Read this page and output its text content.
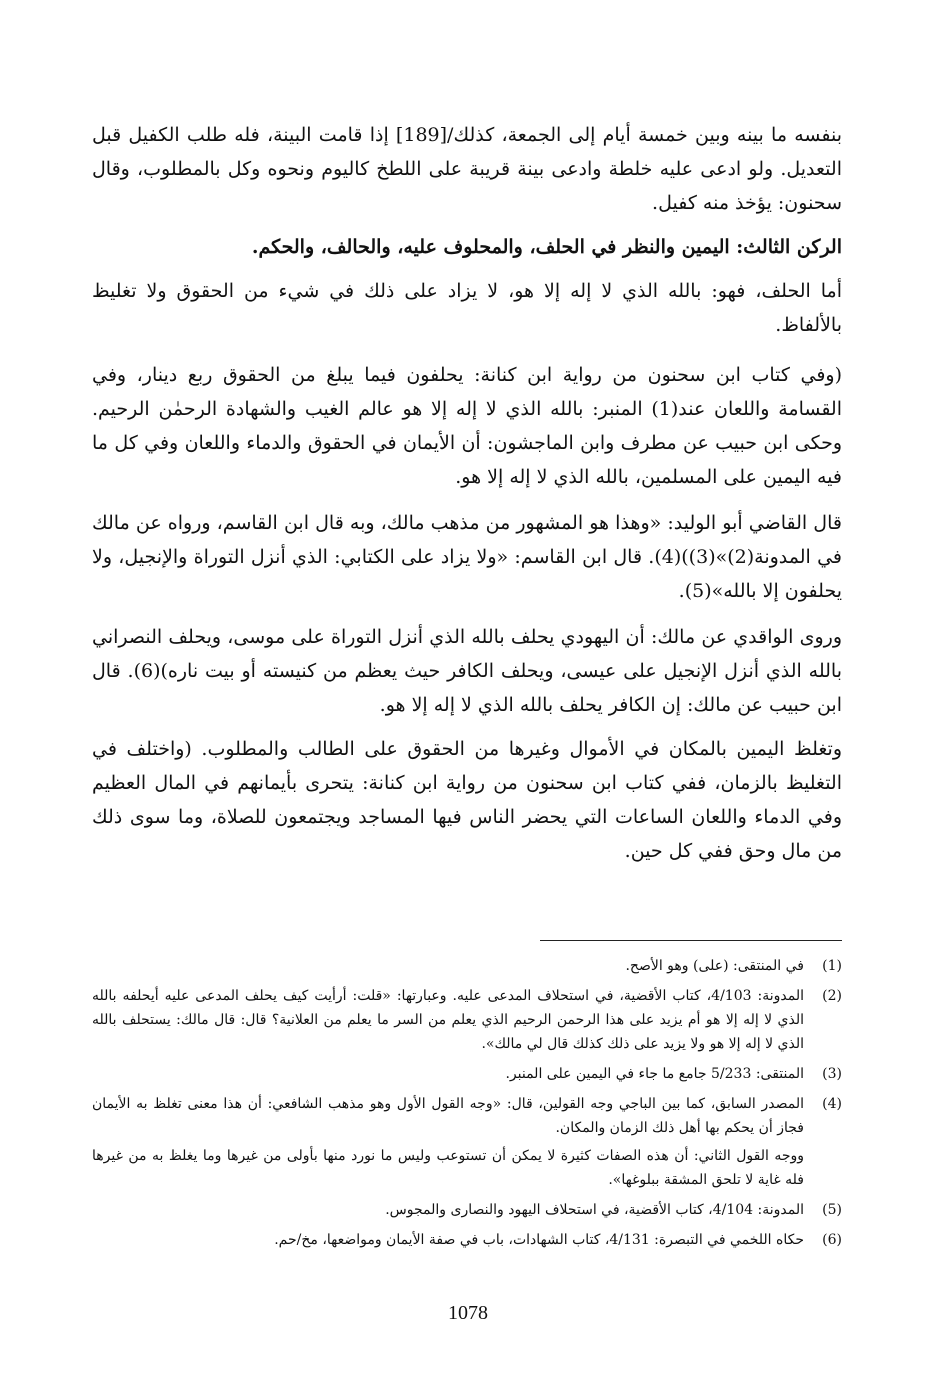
بنفسه ما بينه وبين خمسة أيام إلى الجمعة، كذلك/[189] إذا قامت البينة، فله طلب الكفيل قبل التعديل. ولو ادعى عليه خلطة وادعى بينة قريبة على اللطخ كاليوم ونحوه وكل بالمطلوب، وقال سحنون: يؤخذ منه كفيل.

الركن الثالث: اليمين والنظر في الحلف، والمحلوف عليه، والحالف، والحكم.

أما الحلف، فهو: بالله الذي لا إله إلا هو، لا يزاد على ذلك في شيء من الحقوق ولا تغليظ بالألفاظ.

(وفي كتاب ابن سحنون من رواية ابن كنانة: يحلفون فيما يبلغ من الحقوق ربع دينار، وفي القسامة واللعان عند(1) المنبر: بالله الذي لا إله إلا هو عالم الغيب والشهادة الرحمٰن الرحيم. وحكى ابن حبيب عن مطرف وابن الماجشون: أن الأيمان في الحقوق والدماء واللعان وفي كل ما فيه اليمين على المسلمين، بالله الذي لا إله إلا هو.

قال القاضي أبو الوليد: «وهذا هو المشهور من مذهب مالك، وبه قال ابن القاسم، ورواه عن مالك في المدونة(2)»(3))(4). قال ابن القاسم: «ولا يزاد على الكتابي: الذي أنزل التوراة والإنجيل، ولا يحلفون إلا بالله»(5).

وروى الواقدي عن مالك: أن اليهودي يحلف بالله الذي أنزل التوراة على موسى، ويحلف النصراني بالله الذي أنزل الإنجيل على عيسى، ويحلف الكافر حيث يعظم من كنيسته أو بيت ناره)(6). قال ابن حبيب عن مالك: إن الكافر يحلف بالله الذي لا إله إلا هو.

وتغلظ اليمين بالمكان في الأموال وغيرها من الحقوق على الطالب والمطلوب. (واختلف في التغليظ بالزمان، ففي كتاب ابن سحنون من رواية ابن كنانة: يتحرى بأيمانهم في المال العظيم وفي الدماء واللعان الساعات التي يحضر الناس فيها المساجد ويجتمعون للصلاة، وما سوى ذلك من مال وحق ففي كل حين.

(1)
في المنتقى: (على) وهو الأصح.
(2)
المدونة: 4/103، كتاب الأقضية، في استحلاف المدعى عليه. وعبارتها: «قلت: أرأيت كيف يحلف المدعى عليه أيحلفه بالله الذي لا إله إلا هو أم يزيد على هذا الرحمن الرحيم الذي يعلم من السر ما يعلم من العلانية؟ قال: قال مالك: يستحلف بالله الذي لا إله إلا هو ولا يزيد على ذلك كذلك قال لي مالك».
(3)
المنتقى: 5/233 جامع ما جاء في اليمين على المنبر.
(4)
المصدر السابق، كما بين الباجي وجه القولين، قال: «وجه القول الأول وهو مذهب الشافعي: أن هذا معنى تغلظ به الأيمان فجاز أن يحكم بها أهل ذلك الزمان والمكان.
ووجه القول الثاني: أن هذه الصفات كثيرة لا يمكن أن تستوعب وليس ما نورد منها بأولى من غيرها وما يغلظ به من غيرها فله غاية لا تلحق المشقة ببلوغها».
(5)
المدونة: 4/104، كتاب الأقضية، في استحلاف اليهود والنصارى والمجوس.
(6)
حكاه اللخمي في التبصرة: 4/131، كتاب الشهادات، باب في صفة الأيمان ومواضعها، مخ/حم.
1078
